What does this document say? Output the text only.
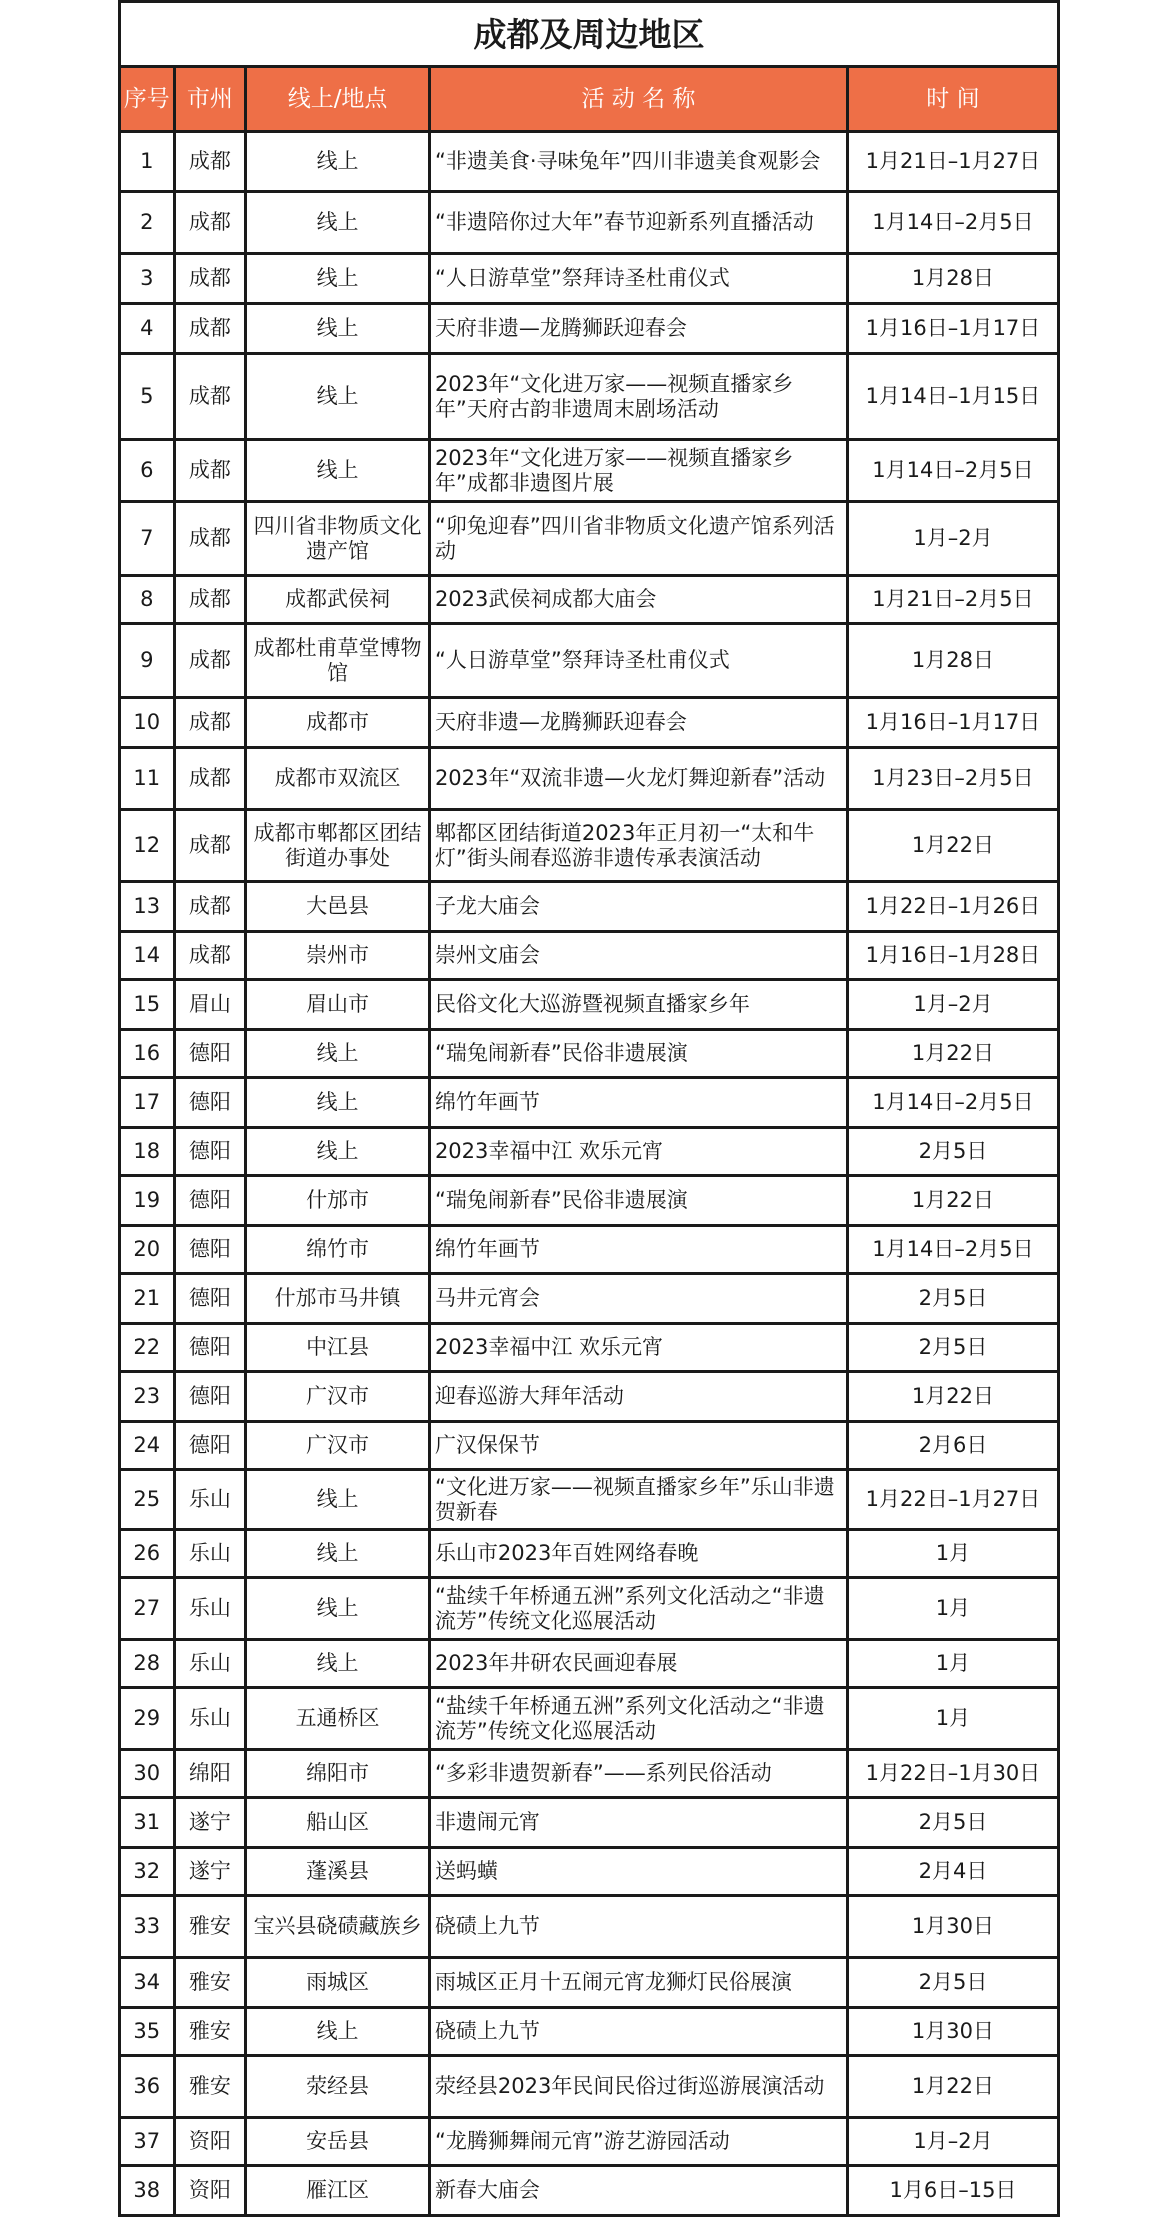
成都及周边地区				
序号	市州	线上/地点	活 动 名 称	时 间
1	成都	线上	“非遗美食·寻味兔年”四川非遗美食观影会	1月21日–1月27日
2	成都	线上	“非遗陪你过大年”春节迎新系列直播活动	1月14日–2月5日
3	成都	线上	“人日游草堂”祭拜诗圣杜甫仪式	1月28日
4	成都	线上	天府非遗—龙腾狮跃迎春会	1月16日–1月17日
5	成都	线上	2023年“文化进万家——视频直播家乡年”天府古韵非遗周末剧场活动	1月14日–1月15日
6	成都	线上	2023年“文化进万家——视频直播家乡年”成都非遗图片展	1月14日–2月5日
7	成都	四川省非物质文化遗产馆	“卯兔迎春”四川省非物质文化遗产馆系列活动	1月–2月
8	成都	成都武侯祠	2023武侯祠成都大庙会	1月21日–2月5日
9	成都	成都杜甫草堂博物馆	“人日游草堂”祭拜诗圣杜甫仪式	1月28日
10	成都	成都市	天府非遗—龙腾狮跃迎春会	1月16日–1月17日
11	成都	成都市双流区	2023年“双流非遗—火龙灯舞迎新春”活动	1月23日–2月5日
12	成都	成都市郫都区团结街道办事处	郫都区团结街道2023年正月初一“太和牛灯”街头闹春巡游非遗传承表演活动	1月22日
13	成都	大邑县	子龙大庙会	1月22日–1月26日
14	成都	崇州市	崇州文庙会	1月16日–1月28日
15	眉山	眉山市	民俗文化大巡游暨视频直播家乡年	1月–2月
16	德阳	线上	“瑞兔闹新春”民俗非遗展演	1月22日
17	德阳	线上	绵竹年画节	1月14日–2月5日
18	德阳	线上	2023幸福中江 欢乐元宵	2月5日
19	德阳	什邡市	“瑞兔闹新春”民俗非遗展演	1月22日
20	德阳	绵竹市	绵竹年画节	1月14日–2月5日
21	德阳	什邡市马井镇	马井元宵会	2月5日
22	德阳	中江县	2023幸福中江 欢乐元宵	2月5日
23	德阳	广汉市	迎春巡游大拜年活动	1月22日
24	德阳	广汉市	广汉保保节	2月6日
25	乐山	线上	“文化进万家——视频直播家乡年”乐山非遗贺新春	1月22日–1月27日
26	乐山	线上	乐山市2023年百姓网络春晚	1月
27	乐山	线上	“盐续千年桥通五洲”系列文化活动之“非遗流芳”传统文化巡展活动	1月
28	乐山	线上	2023年井研农民画迎春展	1月
29	乐山	五通桥区	“盐续千年桥通五洲”系列文化活动之“非遗流芳”传统文化巡展活动	1月
30	绵阳	绵阳市	“多彩非遗贺新春”——系列民俗活动	1月22日–1月30日
31	遂宁	船山区	非遗闹元宵	2月5日
32	遂宁	蓬溪县	送蚂蟥	2月4日
33	雅安	宝兴县硗碛藏族乡	硗碛上九节	1月30日
34	雅安	雨城区	雨城区正月十五闹元宵龙狮灯民俗展演	2月5日
35	雅安	线上	硗碛上九节	1月30日
36	雅安	荥经县	荥经县2023年民间民俗过街巡游展演活动	1月22日
37	资阳	安岳县	“龙腾狮舞闹元宵”游艺游园活动	1月–2月
38	资阳	雁江区	新春大庙会	1月6日–15日
